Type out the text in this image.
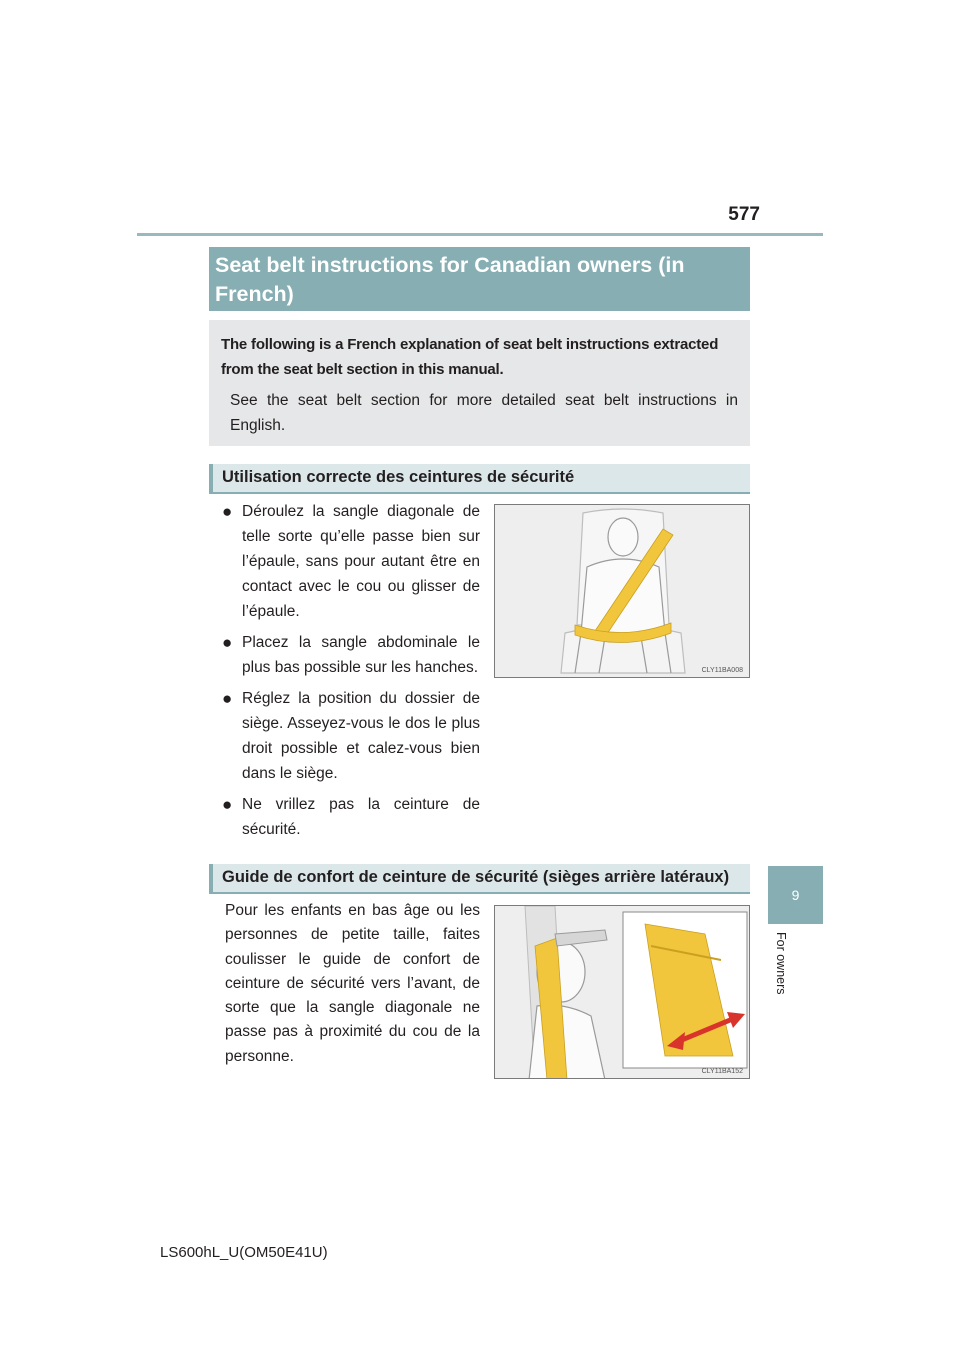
577
Seat belt instructions for Canadian owners (in French)

The following is a French explanation of seat belt instructions extracted from the seat belt section in this manual.

See the seat belt section for more detailed seat belt instructions in English.

Utilisation correcte des ceintures de sécurité
● Déroulez la sangle diagonale de telle sorte qu’elle passe bien sur l’épaule, sans pour autant être en contact avec le cou ou glisser de l’épaule.
● Placez la sangle abdominale le plus bas possible sur les hanches.
● Réglez la position du dossier de siège. Asseyez-vous le dos le plus droit possible et calez-vous bien dans le siège.
● Ne vrillez pas la ceinture de sécurité.
CLY11BA008
Guide de confort de ceinture de sécurité (sièges arrière latéraux)

Pour les enfants en bas âge ou les personnes de petite taille, faites coulisser le guide de confort de ceinture de sécurité vers l’avant, de sorte que la sangle diagonale ne passe pas à proximité du cou de la personne.

CLY11BA152
9
For owners
LS600hL_U(OM50E41U)
